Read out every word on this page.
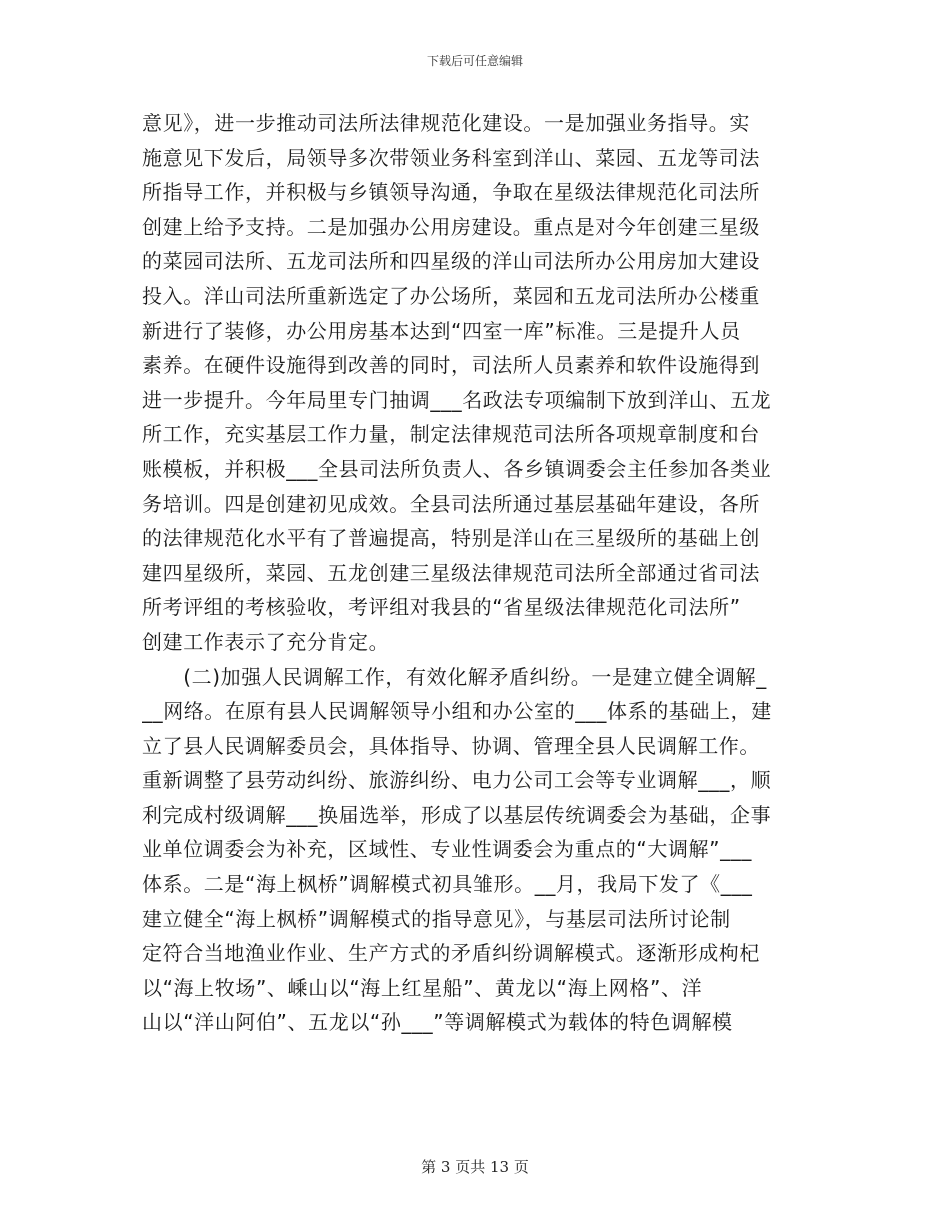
下载后可任意编辑
意见》，进一步推动司法所法律规范化建设。一是加强业务指导。实
施意见下发后，局领导多次带领业务科室到洋山、菜园、五龙等司法
所指导工作，并积极与乡镇领导沟通，争取在星级法律规范化司法所
创建上给予支持。二是加强办公用房建设。重点是对今年创建三星级
的菜园司法所、五龙司法所和四星级的洋山司法所办公用房加大建设
投入。洋山司法所重新选定了办公场所，菜园和五龙司法所办公楼重
新进行了装修，办公用房基本达到“四室一库”标准。三是提升人员
素养。在硬件设施得到改善的同时，司法所人员素养和软件设施得到
进一步提升。今年局里专门抽调___名政法专项编制下放到洋山、五龙
所工作，充实基层工作力量，制定法律规范司法所各项规章制度和台
账模板，并积极___全县司法所负责人、各乡镇调委会主任参加各类业
务培训。四是创建初见成效。全县司法所通过基层基础年建设，各所
的法律规范化水平有了普遍提高，特别是洋山在三星级所的基础上创
建四星级所，菜园、五龙创建三星级法律规范司法所全部通过省司法
所考评组的考核验收，考评组对我县的“省星级法律规范化司法所”
创建工作表示了充分肯定。
　　(二)加强人民调解工作，有效化解矛盾纠纷。一是建立健全调解_
__网络。在原有县人民调解领导小组和办公室的___体系的基础上，建
立了县人民调解委员会，具体指导、协调、管理全县人民调解工作。
重新调整了县劳动纠纷、旅游纠纷、电力公司工会等专业调解___，顺
利完成村级调解___换届选举，形成了以基层传统调委会为基础，企事
业单位调委会为补充，区域性、专业性调委会为重点的“大调解”___
体系。二是“海上枫桥”调解模式初具雏形。__月，我局下发了《___
建立健全“海上枫桥”调解模式的指导意见》，与基层司法所讨论制
定符合当地渔业作业、生产方式的矛盾纠纷调解模式。逐渐形成枸杞
以“海上牧场”、嵊山以“海上红星船”、黄龙以“海上网格”、洋
山以“洋山阿伯”、五龙以“孙___”等调解模式为载体的特色调解模
第 3 页共 13 页
